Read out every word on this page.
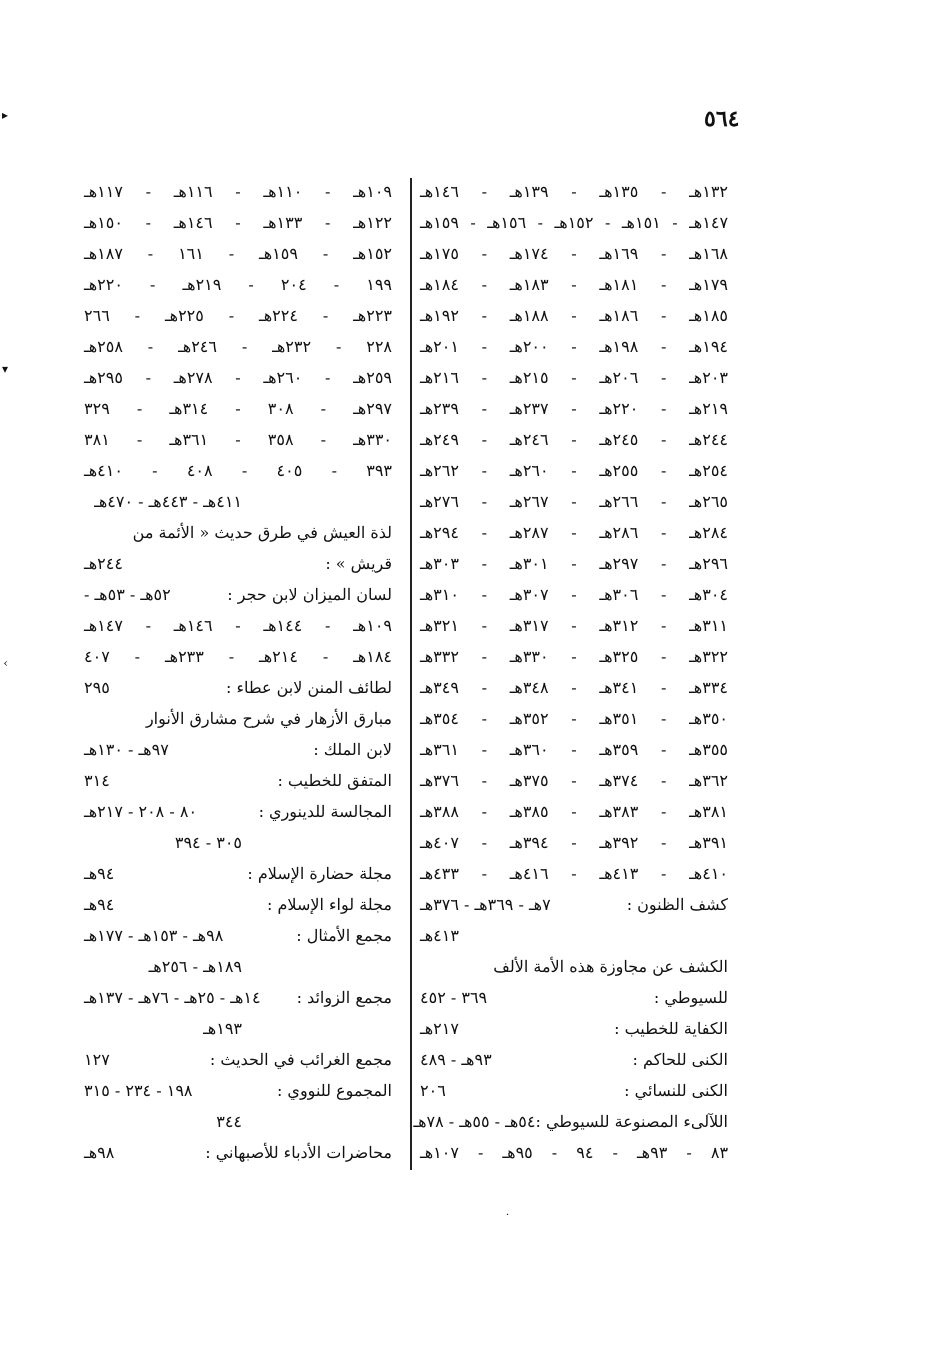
٥٦٤
١٣٢هـ - ١٣٥هـ - ١٣٩هـ - ١٤٦هـ
١٤٧هـ - ١٥١هـ - ١٥٢هـ - ١٥٦هـ - ١٥٩هـ
١٦٨هـ - ١٦٩هـ - ١٧٤هـ - ١٧٥هـ
١٧٩هـ - ١٨١هـ - ١٨٣هـ - ١٨٤هـ
١٨٥هـ - ١٨٦هـ - ١٨٨هـ - ١٩٢هـ
١٩٤هـ - ١٩٨هـ - ٢٠٠هـ - ٢٠١هـ
٢٠٣هـ - ٢٠٦هـ - ٢١٥هـ - ٢١٦هـ
٢١٩هـ - ٢٢٠هـ - ٢٣٧هـ - ٢٣٩هـ
٢٤٤هـ - ٢٤٥هـ - ٢٤٦هـ - ٢٤٩هـ
٢٥٤هـ - ٢٥٥هـ - ٢٦٠هـ - ٢٦٢هـ
٢٦٥هـ - ٢٦٦هـ - ٢٦٧هـ - ٢٧٦هـ
٢٨٤هـ - ٢٨٦هـ - ٢٨٧هـ - ٢٩٤هـ
٢٩٦هـ - ٢٩٧هـ - ٣٠١هـ - ٣٠٣هـ
٣٠٤هـ - ٣٠٦هـ - ٣٠٧هـ - ٣١٠هـ
٣١١هـ - ٣١٢هـ - ٣١٧هـ - ٣٢١هـ
٣٢٢هـ - ٣٢٥هـ - ٣٣٠هـ - ٣٣٢هـ
٣٣٤هـ - ٣٤١هـ - ٣٤٨هـ - ٣٤٩هـ
٣٥٠هـ - ٣٥١هـ - ٣٥٢هـ - ٣٥٤هـ
٣٥٥هـ - ٣٥٩هـ - ٣٦٠هـ - ٣٦١هـ
٣٦٢هـ - ٣٧٤هـ - ٣٧٥هـ - ٣٧٦هـ
٣٨١هـ - ٣٨٣هـ - ٣٨٥هـ - ٣٨٨هـ
٣٩١هـ - ٣٩٢هـ - ٣٩٤هـ - ٤٠٧هـ
٤١٠هـ - ٤١٣هـ - ٤١٦هـ - ٤٣٣هـ
كشف الظنون :
٧هـ - ٣٦٩هـ - ٣٧٦هـ
٤١٣هـ
الكشف عن مجاوزة هذه الأمة الألف
للسيوطي :
٣٦٩ - ٤٥٢
الكفاية للخطيب :
٢١٧هـ
الكنى للحاكم :
٩٣هـ - ٤٨٩
الكنى للنسائي :
٢٠٦
اللآلىء المصنوعة للسيوطي :
٥٤هـ - ٥٥هـ - ٧٨هـ
٨٣ - ٩٣هـ - ٩٤ - ٩٥هـ - ١٠٧هـ
١٠٩هـ - ١١٠هـ - ١١٦هـ - ١١٧هـ
١٢٢هـ - ١٣٣هـ - ١٤٦هـ - ١٥٠هـ
١٥٢هـ - ١٥٩هـ - ١٦١ - ١٨٧هـ
١٩٩ - ٢٠٤ - ٢١٩هـ - ٢٢٠هـ
٢٢٣هـ - ٢٢٤هـ - ٢٢٥هـ - ٢٦٦
٢٢٨ - ٢٣٢هـ - ٢٤٦هـ - ٢٥٨هـ
٢٥٩هـ - ٢٦٠هـ - ٢٧٨هـ - ٢٩٥هـ
٢٩٧هـ - ٣٠٨ - ٣١٤هـ - ٣٢٩
٣٣٠هـ - ٣٥٨ - ٣٦١هـ - ٣٨١
٣٩٣ - ٤٠٥ - ٤٠٨ - ٤١٠هـ
٤١١هـ - ٤٤٣هـ - ٤٧٠هـ
لذة العيش في طرق حديث « الأئمة من
قريش » :
٢٤٤هـ
لسان الميزان لابن حجر :
٥٢هـ - ٥٣هـ -
١٠٩هـ - ١٤٤هـ - ١٤٦هـ - ١٤٧هـ
١٨٤هـ - ٢١٤هـ - ٢٣٣هـ - ٤٠٧
لطائف المنن لابن عطاء :
٢٩٥
مبارق الأزهار في شرح مشارق الأنوار
لابن الملك :
٩٧هـ - ١٣٠هـ
المتفق للخطيب :
٣١٤
المجالسة للدينوري :
٨٠ - ٢٠٨ - ٢١٧هـ
٣٠٥ - ٣٩٤
مجلة حضارة الإسلام :
٩٤هـ
مجلة لواء الإسلام :
٩٤هـ
مجمع الأمثال :
٩٨هـ - ١٥٣هـ - ١٧٧هـ
١٨٩هـ - ٢٥٦هـ
مجمع الزوائد :
١٤هـ - ٢٥هـ - ٧٦هـ - ١٣٧هـ
١٩٣هـ
مجمع الغرائب في الحديث :
١٢٧
المجموع للنووي :
١٩٨ - ٢٣٤ - ٣١٥
٣٤٤
محاضرات الأدباء للأصبهاني :
٩٨هـ
▸
▾
›
·
